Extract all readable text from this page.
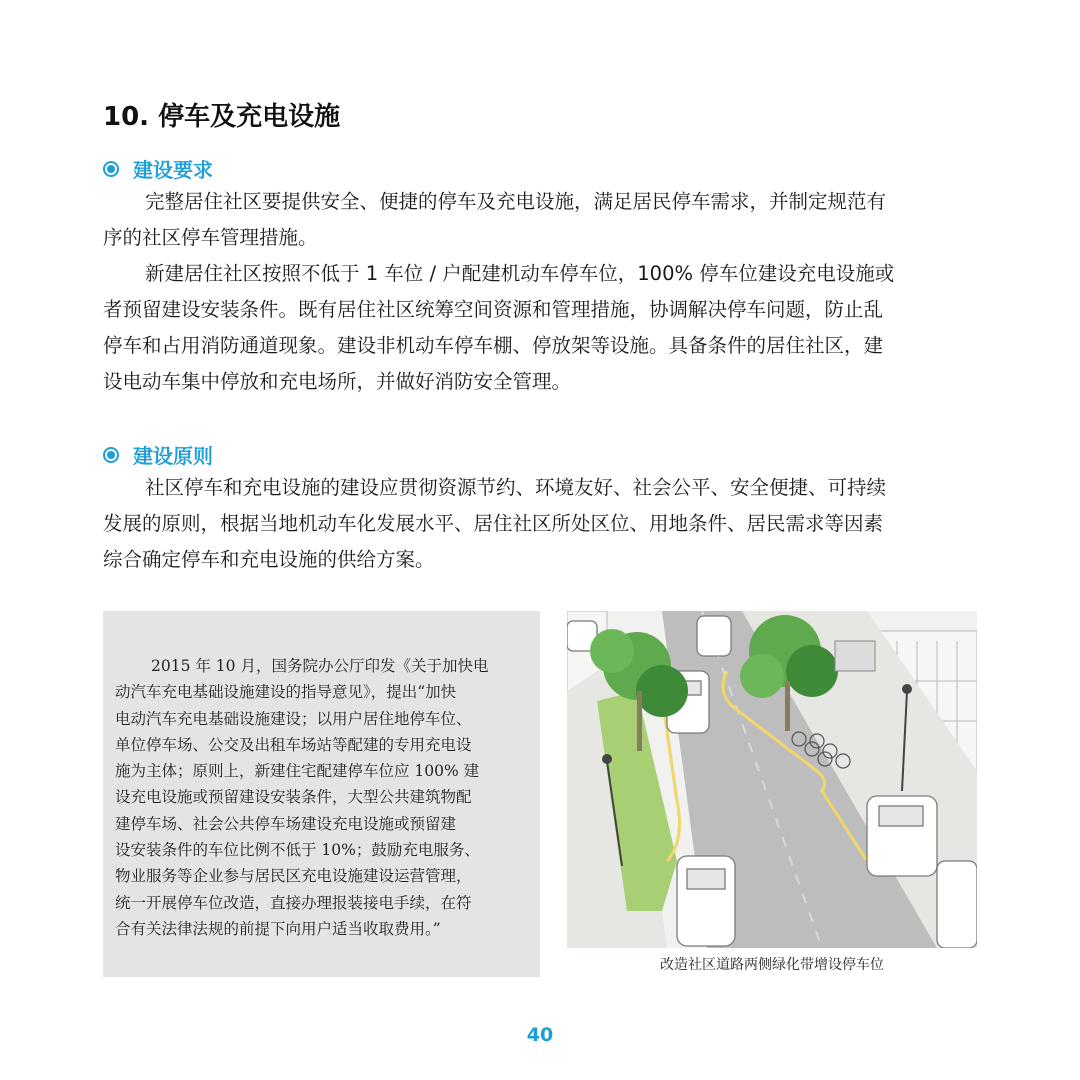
10. 停车及充电设施
建设要求
完整居住社区要提供安全、便捷的停车及充电设施，满足居民停车需求，并制定规范有
序的社区停车管理措施。
新建居住社区按照不低于 1 车位 / 户配建机动车停车位，100% 停车位建设充电设施或
者预留建设安装条件。既有居住社区统筹空间资源和管理措施，协调解决停车问题，防止乱
停车和占用消防通道现象。建设非机动车停车棚、停放架等设施。具备条件的居住社区，建
设电动车集中停放和充电场所，并做好消防安全管理。
建设原则
社区停车和充电设施的建设应贯彻资源节约、环境友好、社会公平、安全便捷、可持续
发展的原则，根据当地机动车化发展水平、居住社区所处区位、用地条件、居民需求等因素
综合确定停车和充电设施的供给方案。
2015 年 10 月，国务院办公厅印发《关于加快电
动汽车充电基础设施建设的指导意见》，提出“加快
电动汽车充电基础设施建设；以用户居住地停车位、
单位停车场、公交及出租车场站等配建的专用充电设
施为主体；原则上，新建住宅配建停车位应 100% 建
设充电设施或预留建设安装条件，大型公共建筑物配
建停车场、社会公共停车场建设充电设施或预留建
设安装条件的车位比例不低于 10%；鼓励充电服务、
物业服务等企业参与居民区充电设施建设运营管理，
统一开展停车位改造，直接办理报装接电手续，在符
合有关法律法规的前提下向用户适当收取费用。”
改造社区道路两侧绿化带增设停车位
40
